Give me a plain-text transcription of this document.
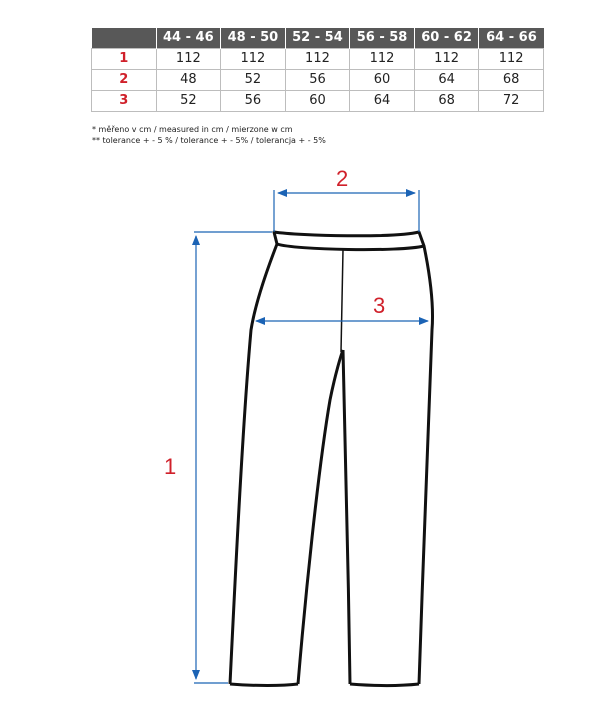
	44 - 46	48 - 50	52 - 54	56 - 58	60 - 62	64 - 66
1	112	112	112	112	112	112
2	48	52	56	60	64	68
3	52	56	60	64	68	72
* měřeno v cm / measured in cm / mierzone w cm
** tolerance + - 5 % / tolerance + - 5% / tolerancja + - 5%
1
2
3
